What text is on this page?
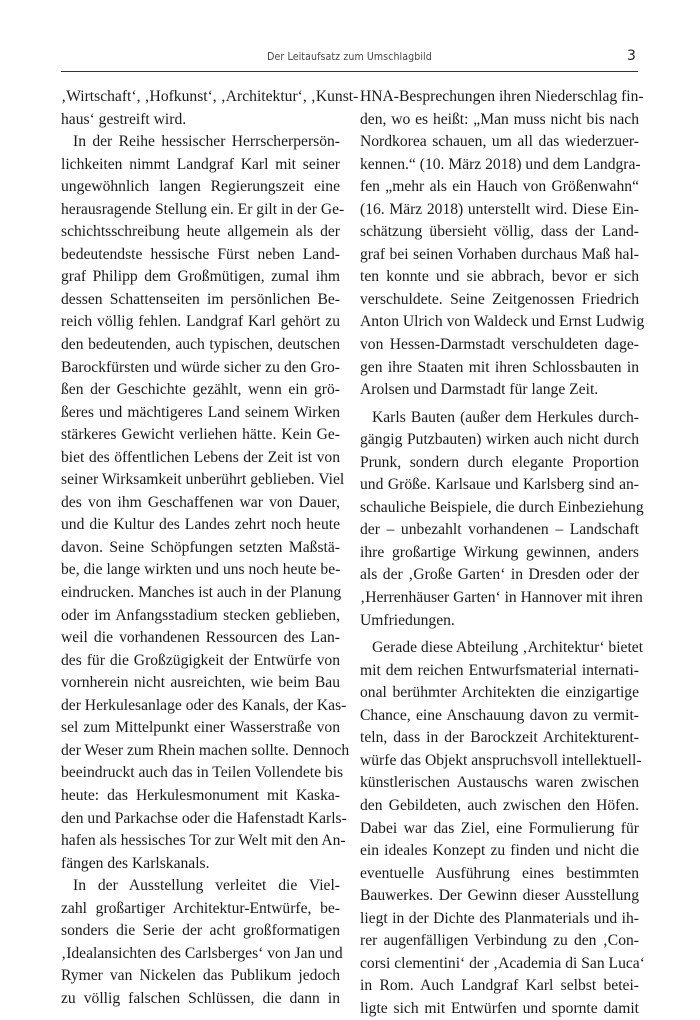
Der Leitaufsatz zum Umschlagbild	3
‚Wirtschaft‘, ‚Hofkunst‘, ‚Architektur‘, ‚Kunst-
haus‘ gestreift wird.
In der Reihe hessischer Herrscherpersön-
lichkeiten nimmt Landgraf Karl mit seiner
ungewöhnlich langen Regierungszeit eine
herausragende Stellung ein. Er gilt in der Ge-
schichtsschreibung heute allgemein als der
bedeutendste hessische Fürst neben Land-
graf Philipp dem Großmütigen, zumal ihm
dessen Schattenseiten im persönlichen Be-
reich völlig fehlen. Landgraf Karl gehört zu
den bedeutenden, auch typischen, deutschen
Barockfürsten und würde sicher zu den Gro-
ßen der Geschichte gezählt, wenn ein grö-
ßeres und mächtigeres Land seinem Wirken
stärkeres Gewicht verliehen hätte. Kein Ge-
biet des öffentlichen Lebens der Zeit ist von
seiner Wirksamkeit unberührt geblieben. Viel
des von ihm Geschaffenen war von Dauer,
und die Kultur des Landes zehrt noch heute
davon. Seine Schöpfungen setzten Maßstä-
be, die lange wirkten und uns noch heute be-
eindrucken. Manches ist auch in der Planung
oder im Anfangsstadium stecken geblieben,
weil die vorhandenen Ressourcen des Lan-
des für die Großzügigkeit der Entwürfe von
vornherein nicht ausreichten, wie beim Bau
der Herkulesanlage oder des Kanals, der Kas-
sel zum Mittelpunkt einer Wasserstraße von
der Weser zum Rhein machen sollte. Dennoch
beeindruckt auch das in Teilen Vollendete bis
heute: das Herkulesmonument mit Kaska-
den und Parkachse oder die Hafenstadt Karls-
hafen als hessisches Tor zur Welt mit den An-
fängen des Karlskanals.
In der Ausstellung verleitet die Viel-
zahl großartiger Architektur-Entwürfe, be-
sonders die Serie der acht großformatigen
‚Idealansichten des Carlsberges‘ von Jan und
Rymer van Nickelen das Publikum jedoch
zu völlig falschen Schlüssen, die dann in
HNA-Besprechungen ihren Niederschlag fin-
den, wo es heißt: „Man muss nicht bis nach
Nordkorea schauen, um all das wiederzuer-
kennen.“ (10. März 2018) und dem Landgra-
fen „mehr als ein Hauch von Größenwahn“
(16. März 2018) unterstellt wird. Diese Ein-
schätzung übersieht völlig, dass der Land-
graf bei seinen Vorhaben durchaus Maß hal-
ten konnte und sie abbrach, bevor er sich
verschuldete. Seine Zeitgenossen Friedrich
Anton Ulrich von Waldeck und Ernst Ludwig
von Hessen-Darmstadt verschuldeten dage-
gen ihre Staaten mit ihren Schlossbauten in
Arolsen und Darmstadt für lange Zeit.
Karls Bauten (außer dem Herkules durch-
gängig Putzbauten) wirken auch nicht durch
Prunk, sondern durch elegante Proportion
und Größe. Karlsaue und Karlsberg sind an-
schauliche Beispiele, die durch Einbeziehung
der – unbezahlt vorhandenen – Landschaft
ihre großartige Wirkung gewinnen, anders
als der ‚Große Garten‘ in Dresden oder der
‚Herrenhäuser Garten‘ in Hannover mit ihren
Umfriedungen.
Gerade diese Abteilung ‚Architektur‘ bietet
mit dem reichen Entwurfsmaterial internati-
onal berühmter Architekten die einzigartige
Chance, eine Anschauung davon zu vermit-
teln, dass in der Barockzeit Architekturent-
würfe das Objekt anspruchsvoll intellektuell-
künstlerischen Austauschs waren zwischen
den Gebildeten, auch zwischen den Höfen.
Dabei war das Ziel, eine Formulierung für
ein ideales Konzept zu finden und nicht die
eventuelle Ausführung eines bestimmten
Bauwerkes. Der Gewinn dieser Ausstellung
liegt in der Dichte des Planmaterials und ih-
rer augenfälligen Verbindung zu den ‚Con-
corsi clementini‘ der ‚Academia di San Luca‘
in Rom. Auch Landgraf Karl selbst betei-
ligte sich mit Entwürfen und spornte damit
